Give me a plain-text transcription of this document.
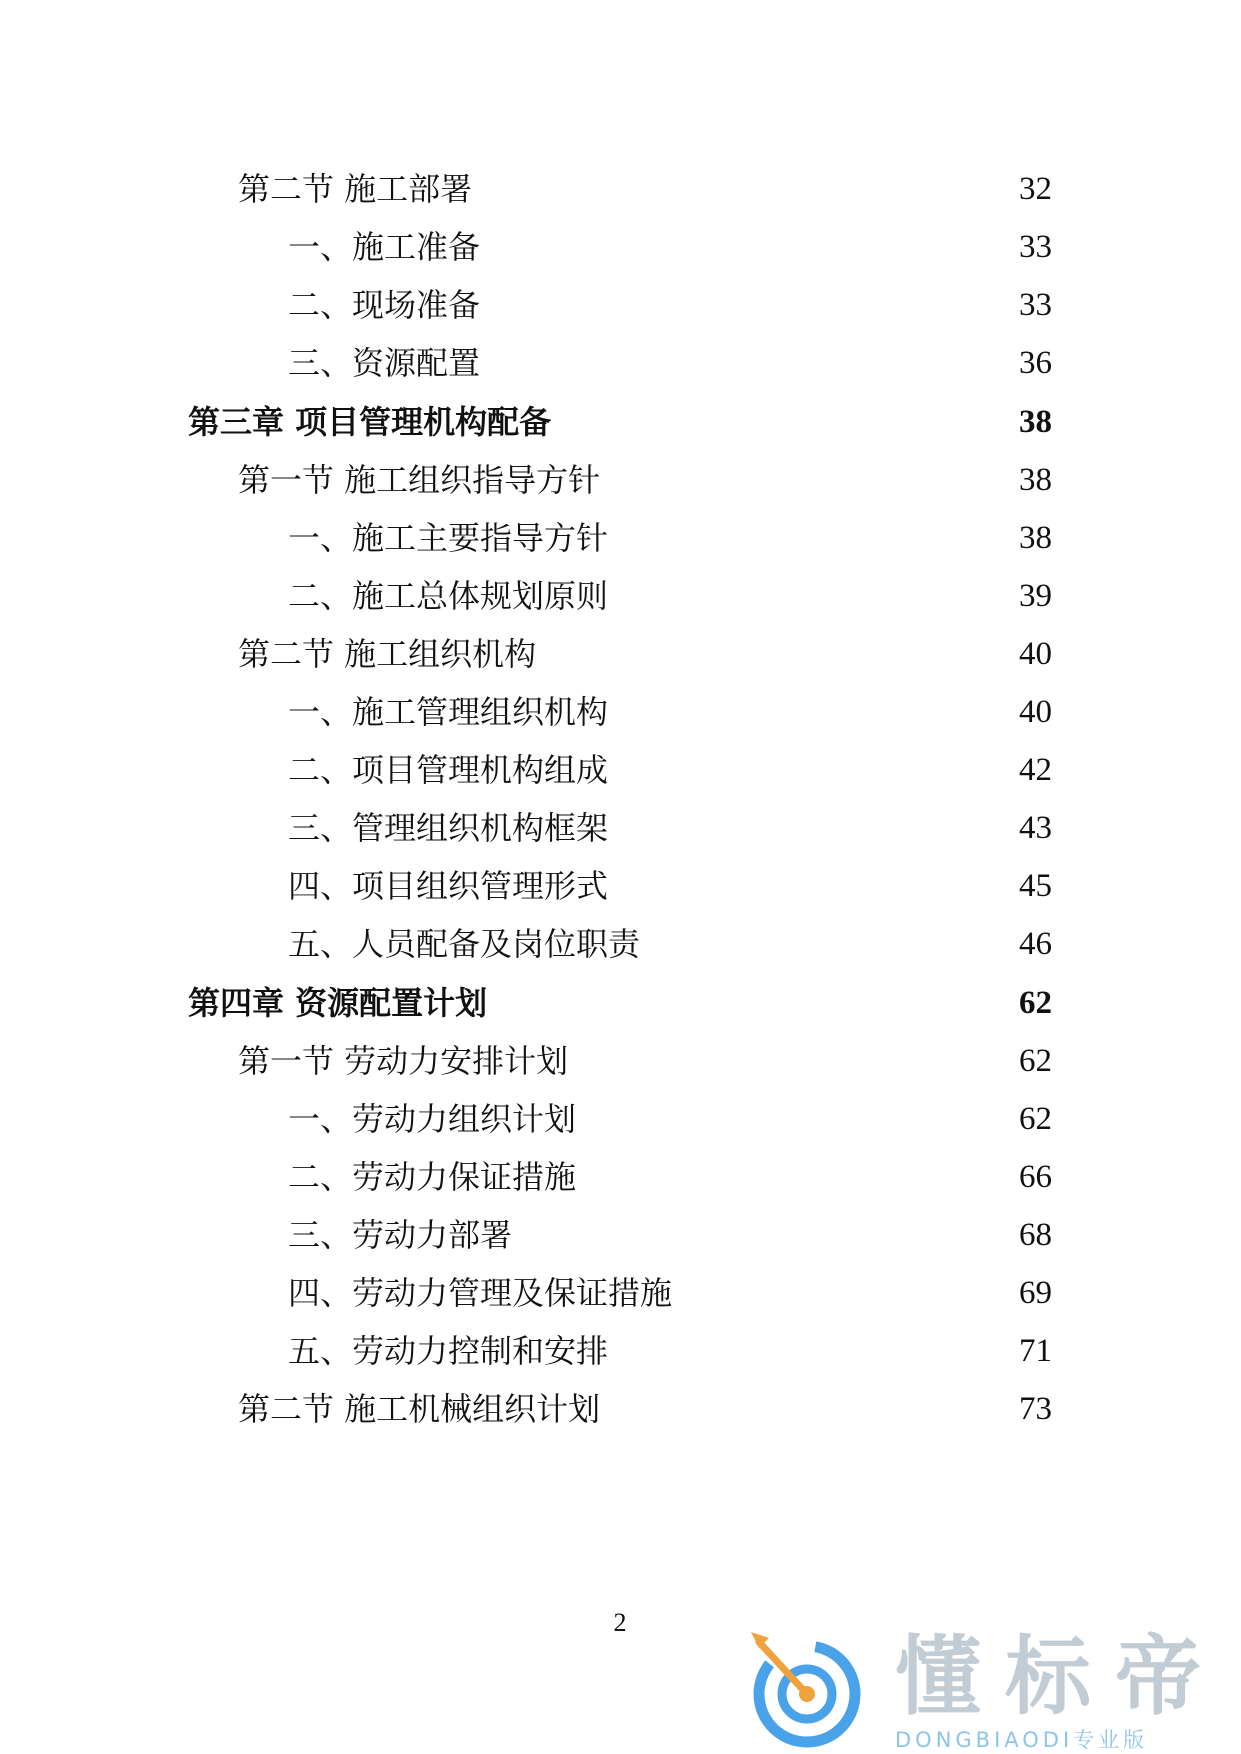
第二节 施工部署	32
一、施工准备	33
二、现场准备	33
三、资源配置	36
第三章 项目管理机构配备	38
第一节 施工组织指导方针	38
一、施工主要指导方针	38
二、施工总体规划原则	39
第二节 施工组织机构	40
一、施工管理组织机构	40
二、项目管理机构组成	42
三、管理组织机构框架	43
四、项目组织管理形式	45
五、人员配备及岗位职责	46
第四章 资源配置计划	62
第一节 劳动力安排计划	62
一、劳动力组织计划	62
二、劳动力保证措施	66
三、劳动力部署	68
四、劳动力管理及保证措施	69
五、劳动力控制和安排	71
第二节 施工机械组织计划	73
2
懂标帝
DONGBIAODI专业版
